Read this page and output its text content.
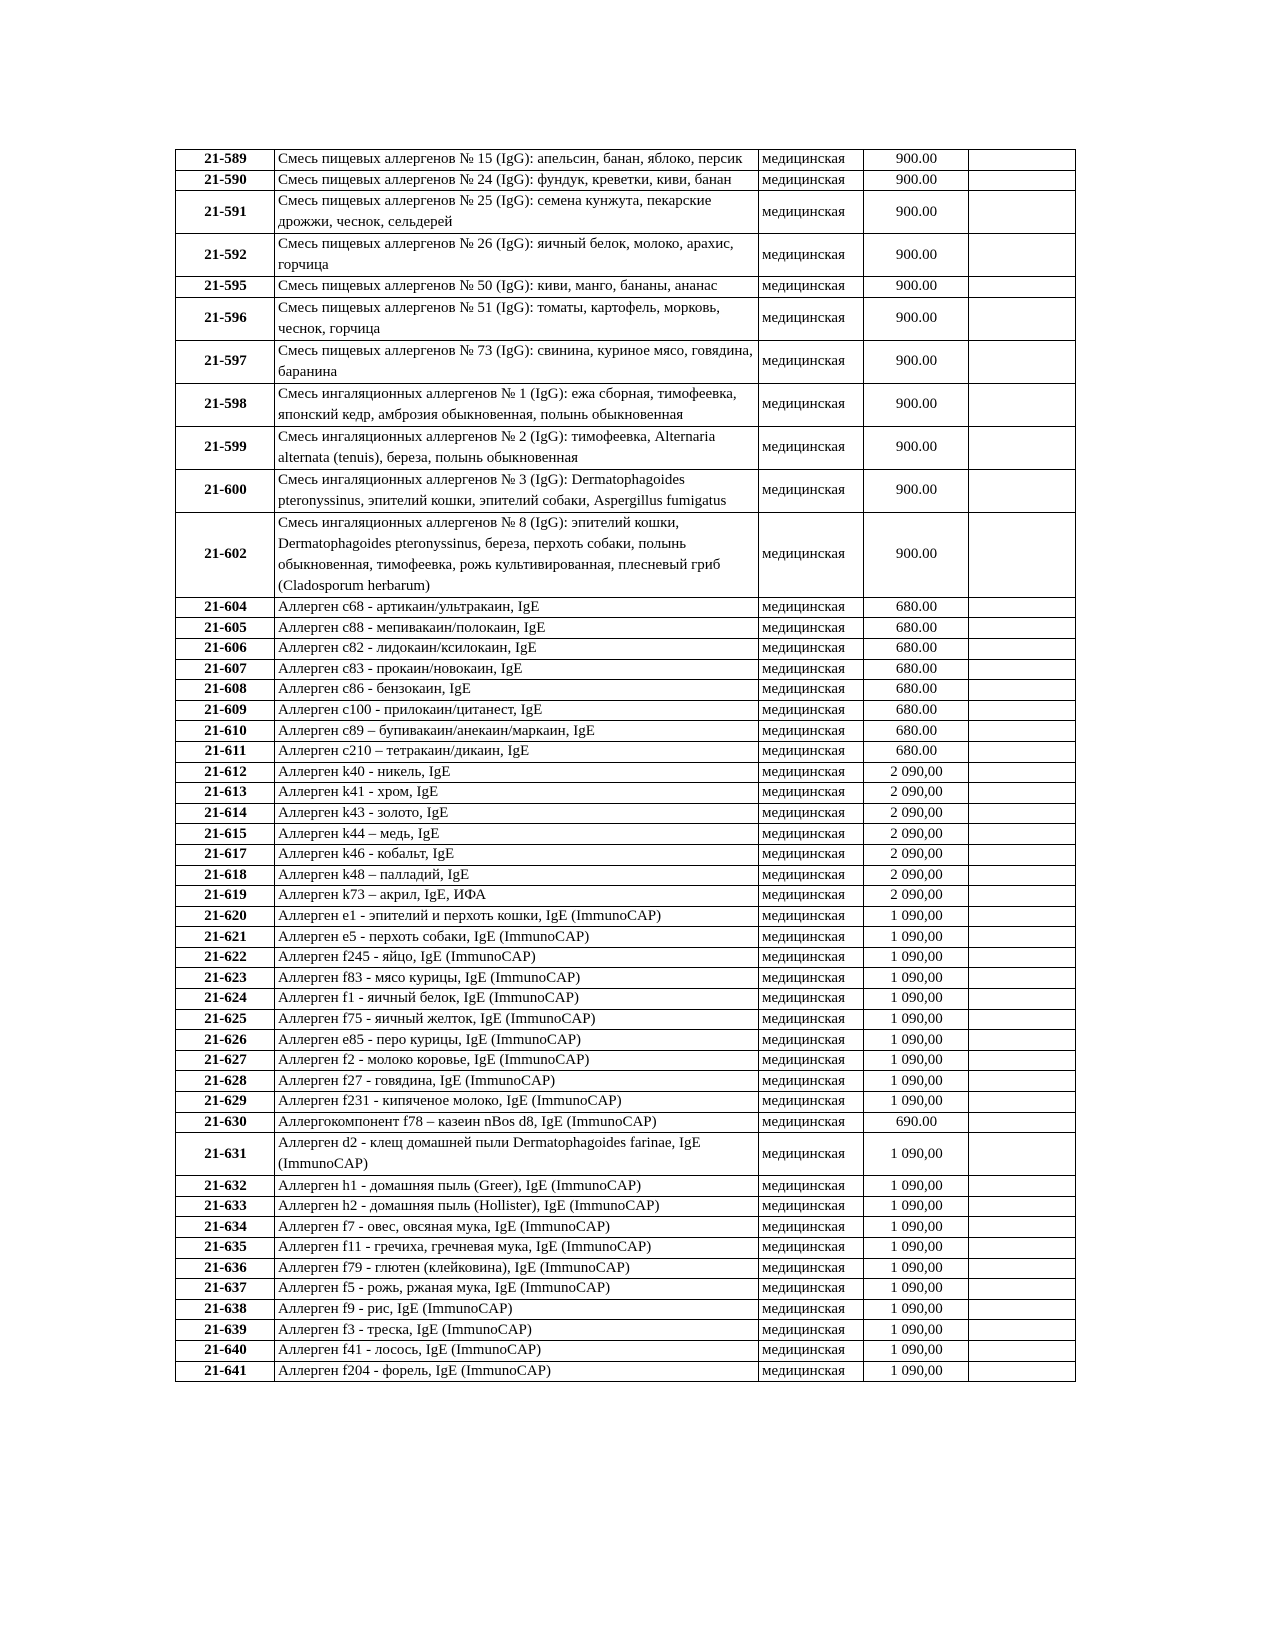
21-589	Смесь пищевых аллергенов № 15 (IgG): апельсин, банан, яблоко, персик	медицинская	900.00	
21-590	Смесь пищевых аллергенов № 24 (IgG): фундук, креветки, киви, банан	медицинская	900.00	
21-591	Смесь пищевых аллергенов № 25 (IgG): семена кунжута, пекарские дрожжи, чеснок, сельдерей	медицинская	900.00	
21-592	Смесь пищевых аллергенов № 26 (IgG): яичный белок, молоко, арахис, горчица	медицинская	900.00	
21-595	Смесь пищевых аллергенов № 50 (IgG): киви, манго, бананы, ананас	медицинская	900.00	
21-596	Смесь пищевых аллергенов № 51 (IgG): томаты, картофель, морковь, чеснок, горчица	медицинская	900.00	
21-597	Смесь пищевых аллергенов № 73 (IgG): свинина, куриное мясо, говядина, баранина	медицинская	900.00	
21-598	Смесь ингаляционных аллергенов № 1 (IgG): ежа сборная, тимофеевка, японский кедр, амброзия обыкновенная, полынь обыкновенная	медицинская	900.00	
21-599	Смесь ингаляционных аллергенов № 2 (IgG): тимофеевка, Alternaria alternata (tenuis), береза, полынь обыкновенная	медицинская	900.00	
21-600	Смесь ингаляционных аллергенов № 3 (IgG): Dermatophagoides pteronyssinus, эпителий кошки, эпителий собаки, Aspergillus fumigatus	медицинская	900.00	
21-602	Смесь ингаляционных аллергенов № 8 (IgG): эпителий кошки, Dermatophagoides pteronyssinus, береза, перхоть собаки, полынь обыкновенная, тимофеевка, рожь культивированная, плесневый гриб (Cladosporum herbarum)	медицинская	900.00	
21-604	Аллерген c68 - артикаин/ультракаин, IgE	медицинская	680.00	
21-605	Аллерген c88 - мепивакаин/полокаин, IgE	медицинская	680.00	
21-606	Аллерген c82 - лидокаин/ксилокаин, IgE	медицинская	680.00	
21-607	Аллерген c83 - прокаин/новокаин, IgE	медицинская	680.00	
21-608	Аллерген c86 - бензокаин, IgE	медицинская	680.00	
21-609	Аллерген c100 - прилокаин/цитанест, IgE	медицинская	680.00	
21-610	Аллерген c89 – бупивакаин/анекаин/маркаин, IgE	медицинская	680.00	
21-611	Аллерген c210 – тетракаин/дикаин, IgE	медицинская	680.00	
21-612	Аллерген k40 - никель, IgE	медицинская	2 090,00	
21-613	Аллерген k41 - хром, IgE	медицинская	2 090,00	
21-614	Аллерген k43 - золото, IgE	медицинская	2 090,00	
21-615	Аллерген k44 – медь, IgE	медицинская	2 090,00	
21-617	Аллерген k46 - кобальт, IgE	медицинская	2 090,00	
21-618	Аллерген k48 – палладий, IgE	медицинская	2 090,00	
21-619	Аллерген k73 – акрил, IgE, ИФА	медицинская	2 090,00	
21-620	Аллерген e1 - эпителий и перхоть кошки, IgE (ImmunoCAP)	медицинская	1 090,00	
21-621	Аллерген e5 - перхоть собаки, IgE (ImmunoCAP)	медицинская	1 090,00	
21-622	Аллерген f245 - яйцо, IgE (ImmunoCAP)	медицинская	1 090,00	
21-623	Аллерген f83 - мясо курицы, IgE (ImmunoCAP)	медицинская	1 090,00	
21-624	Аллерген f1 - яичный белок, IgE (ImmunoCAP)	медицинская	1 090,00	
21-625	Аллерген f75 - яичный желток, IgE (ImmunoCAP)	медицинская	1 090,00	
21-626	Аллерген e85 - перо курицы, IgE (ImmunoCAP)	медицинская	1 090,00	
21-627	Аллерген f2 - молоко коровье, IgE (ImmunoCAP)	медицинская	1 090,00	
21-628	Аллерген f27 - говядина, IgE (ImmunoCAP)	медицинская	1 090,00	
21-629	Аллерген f231 - кипяченое молоко, IgE (ImmunoCAP)	медицинская	1 090,00	
21-630	Аллергокомпонент f78 – казеин nBos d8, IgE (ImmunoCAP)	медицинская	690.00	
21-631	Аллерген d2 - клещ домашней пыли Dermatophagoides farinae, IgE (ImmunoCAP)	медицинская	1 090,00	
21-632	Аллерген h1 - домашняя пыль (Greer), IgE (ImmunoCAP)	медицинская	1 090,00	
21-633	Аллерген h2 - домашняя пыль (Hollister), IgE (ImmunoCAP)	медицинская	1 090,00	
21-634	Аллерген f7 - овес, овсяная мука, IgE (ImmunoCAP)	медицинская	1 090,00	
21-635	Аллерген f11 - гречиха, гречневая мука, IgE (ImmunoCAP)	медицинская	1 090,00	
21-636	Аллерген f79 - глютен (клейковина), IgE (ImmunoCAP)	медицинская	1 090,00	
21-637	Аллерген f5 - рожь, ржаная мука, IgE (ImmunoCAP)	медицинская	1 090,00	
21-638	Аллерген f9 - рис, IgE (ImmunoCAP)	медицинская	1 090,00	
21-639	Аллерген f3 - треска, IgE (ImmunoCAP)	медицинская	1 090,00	
21-640	Аллерген f41 - лосось, IgE (ImmunoCAP)	медицинская	1 090,00	
21-641	Аллерген f204 - форель, IgE (ImmunoCAP)	медицинская	1 090,00	
